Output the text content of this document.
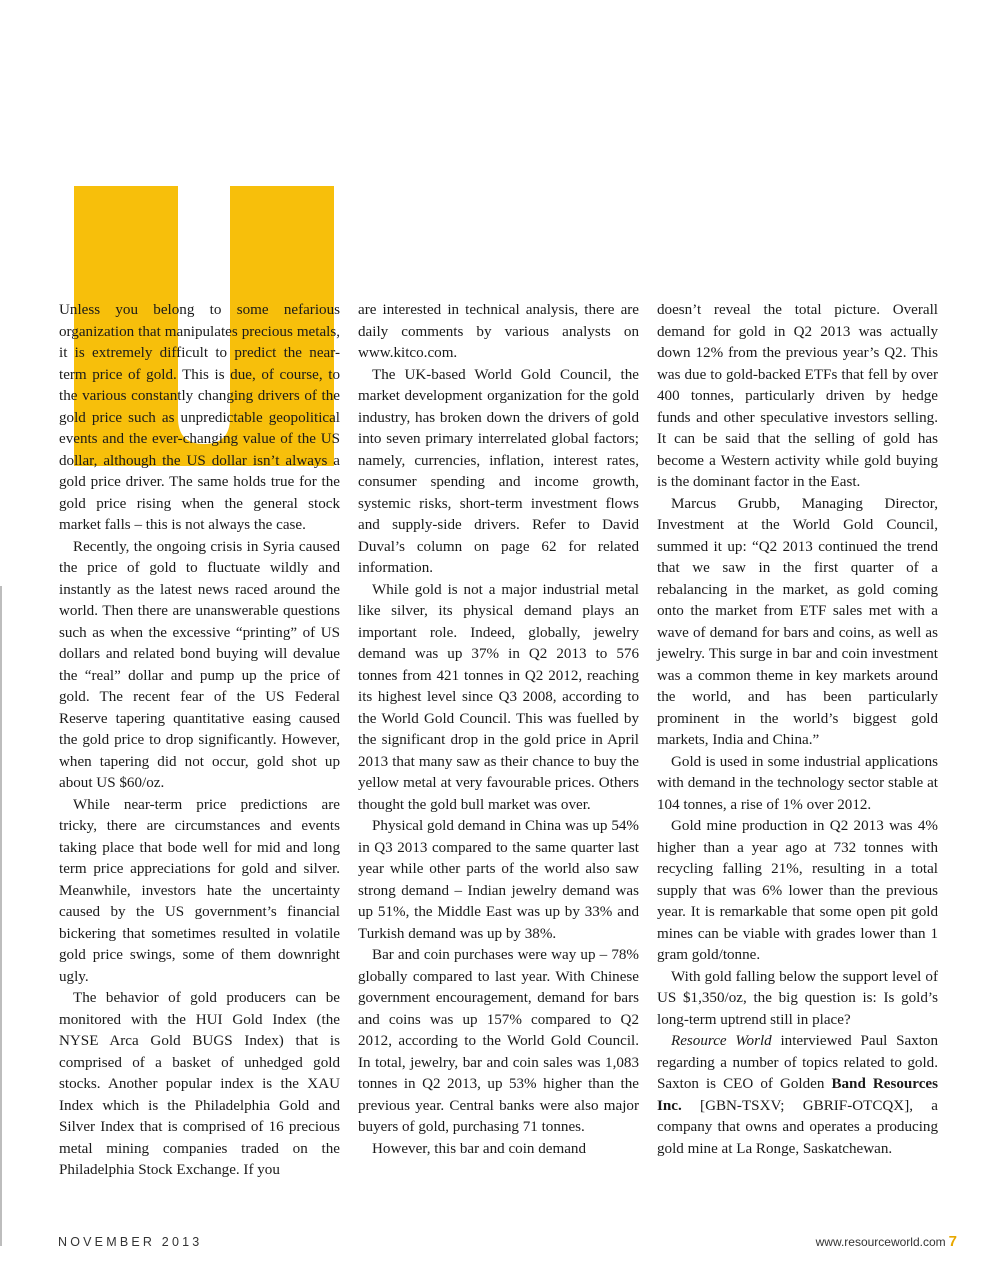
Unless you belong to some nefarious organization that manipulates precious metals, it is extremely difficult to predict the near-term price of gold. This is due, of course, to the various constantly changing drivers of the gold price such as unpredictable geopolitical events and the ever-changing value of the US dollar, although the US dollar isn’t always a gold price driver. The same holds true for the gold price rising when the general stock market falls – this is not always the case.

Recently, the ongoing crisis in Syria caused the price of gold to fluctuate wildly and instantly as the latest news raced around the world. Then there are unanswerable questions such as when the excessive “printing” of US dollars and related bond buying will devalue the “real” dollar and pump up the price of gold. The recent fear of the US Federal Reserve tapering quantitative easing caused the gold price to drop significantly. However, when tapering did not occur, gold shot up about US $60/oz.

While near-term price predictions are tricky, there are circumstances and events taking place that bode well for mid and long term price appreciations for gold and silver. Meanwhile, investors hate the uncertainty caused by the US government’s financial bickering that sometimes resulted in volatile gold price swings, some of them downright ugly.

The behavior of gold producers can be monitored with the HUI Gold Index (the NYSE Arca Gold BUGS Index) that is comprised of a basket of unhedged gold stocks. Another popular index is the XAU Index which is the Philadelphia Gold and Silver Index that is comprised of 16 precious metal mining companies traded on the Philadelphia Stock Exchange. If you

are interested in technical analysis, there are daily comments by various analysts on www.kitco.com.

The UK-based World Gold Council, the market development organization for the gold industry, has broken down the drivers of gold into seven primary interrelated global factors; namely, currencies, inflation, interest rates, consumer spending and income growth, systemic risks, short-term investment flows and supply-side drivers. Refer to David Duval’s column on page 62 for related information.

While gold is not a major industrial metal like silver, its physical demand plays an important role. Indeed, globally, jewelry demand was up 37% in Q2 2013 to 576 tonnes from 421 tonnes in Q2 2012, reaching its highest level since Q3 2008, according to the World Gold Council. This was fuelled by the significant drop in the gold price in April 2013 that many saw as their chance to buy the yellow metal at very favourable prices. Others thought the gold bull market was over.

Physical gold demand in China was up 54% in Q3 2013 compared to the same quarter last year while other parts of the world also saw strong demand – Indian jewelry demand was up 51%, the Middle East was up by 33% and Turkish demand was up by 38%.

Bar and coin purchases were way up – 78% globally compared to last year. With Chinese government encouragement, demand for bars and coins was up 157% compared to Q2 2012, according to the World Gold Council. In total, jewelry, bar and coin sales was 1,083 tonnes in Q2 2013, up 53% higher than the previous year. Central banks were also major buyers of gold, purchasing 71 tonnes.

However, this bar and coin demand

doesn’t reveal the total picture. Overall demand for gold in Q2 2013 was actually down 12% from the previous year’s Q2. This was due to gold-backed ETFs that fell by over 400 tonnes, particularly driven by hedge funds and other speculative investors selling. It can be said that the selling of gold has become a Western activity while gold buying is the dominant factor in the East.

Marcus Grubb, Managing Director, Investment at the World Gold Council, summed it up: “Q2 2013 continued the trend that we saw in the first quarter of a rebalancing in the market, as gold coming onto the market from ETF sales met with a wave of demand for bars and coins, as well as jewelry. This surge in bar and coin investment was a common theme in key markets around the world, and has been particularly prominent in the world’s biggest gold markets, India and China.”

Gold is used in some industrial applications with demand in the technology sector stable at 104 tonnes, a rise of 1% over 2012.

Gold mine production in Q2 2013 was 4% higher than a year ago at 732 tonnes with recycling falling 21%, resulting in a total supply that was 6% lower than the previous year. It is remarkable that some open pit gold mines can be viable with grades lower than 1 gram gold/tonne.

With gold falling below the support level of US $1,350/oz, the big question is: Is gold’s long-term uptrend still in place?

Resource World interviewed Paul Saxton regarding a number of topics related to gold. Saxton is CEO of Golden Band Resources Inc. [GBN-TSXV; GBRIF-OTCQX], a company that owns and operates a producing gold mine at La Ronge, Saskatchewan.

NOVEMBER 2013	www.resourceworld.com 7
